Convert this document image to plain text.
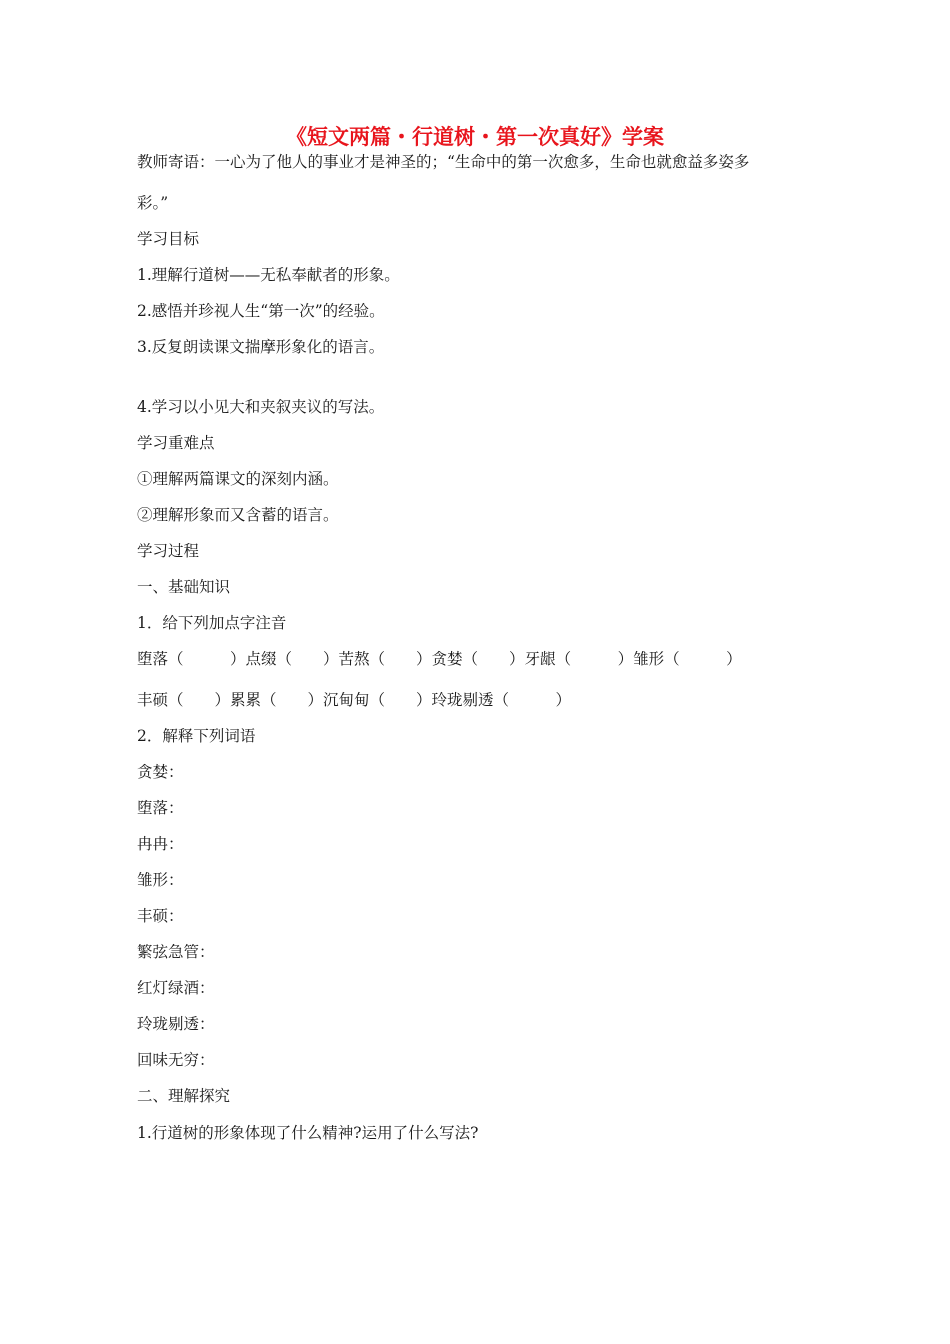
《短文两篇・行道树・第一次真好》学案
教师寄语：一心为了他人的事业才是神圣的；“生命中的第一次愈多，生命也就愈益多姿多
彩。”
学习目标
1.理解行道树——无私奉献者的形象。
2.感悟并珍视人生“第一次”的经验。
3.反复朗读课文揣摩形象化的语言。
4.学习以小见大和夹叙夹议的写法。
学习重难点
①理解两篇课文的深刻内涵。
②理解形象而又含蓄的语言。
学习过程
一、基础知识
1．给下列加点字注音
堕落（　　　）点缀（　　）苦熬（　　）贪婪（　　）牙龈（　　　）雏形（　　　）
丰硕（　　）累累（　　）沉甸甸（　　）玲珑剔透（　　　）
2．解释下列词语
贪婪：
堕落：
冉冉：
雏形：
丰硕：
繁弦急管：
红灯绿酒：
玲珑剔透：
回味无穷：
二、理解探究
1.行道树的形象体现了什么精神?运用了什么写法?
